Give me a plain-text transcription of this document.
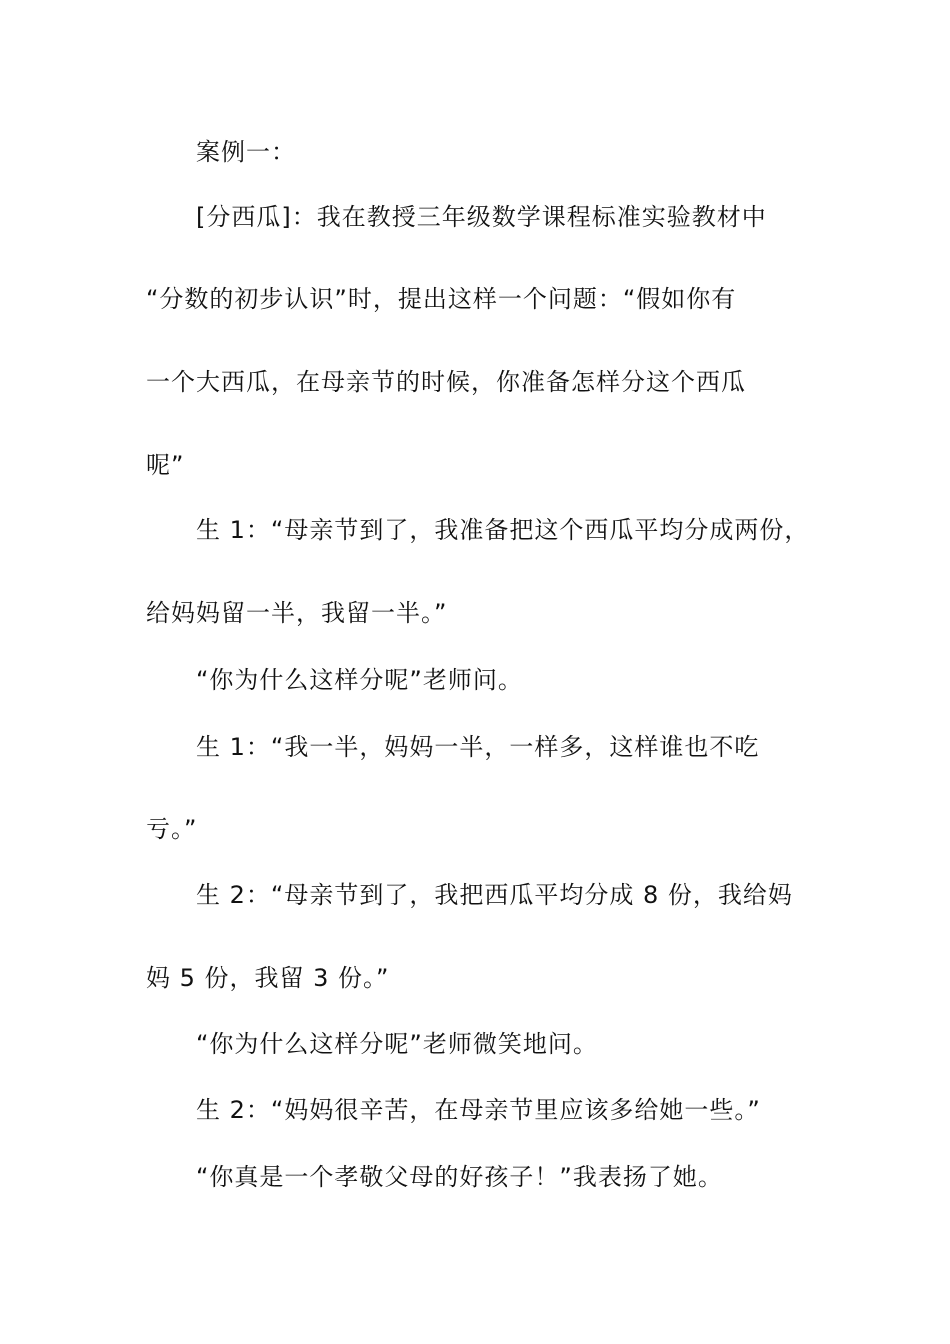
案例一：
[分西瓜]：我在教授三年级数学课程标准实验教材中
“分数的初步认识”时，提出这样一个问题：“假如你有
一个大西瓜，在母亲节的时候，你准备怎样分这个西瓜
呢”
生 1：“母亲节到了，我准备把这个西瓜平均分成两份，
给妈妈留一半，我留一半。”
“你为什么这样分呢”老师问。
生 1：“我一半，妈妈一半，一样多，这样谁也不吃
亏。”
生 2：“母亲节到了，我把西瓜平均分成 8 份，我给妈
妈 5 份，我留 3 份。”
“你为什么这样分呢”老师微笑地问。
生 2：“妈妈很辛苦，在母亲节里应该多给她一些。”
“你真是一个孝敬父母的好孩子！”我表扬了她。
